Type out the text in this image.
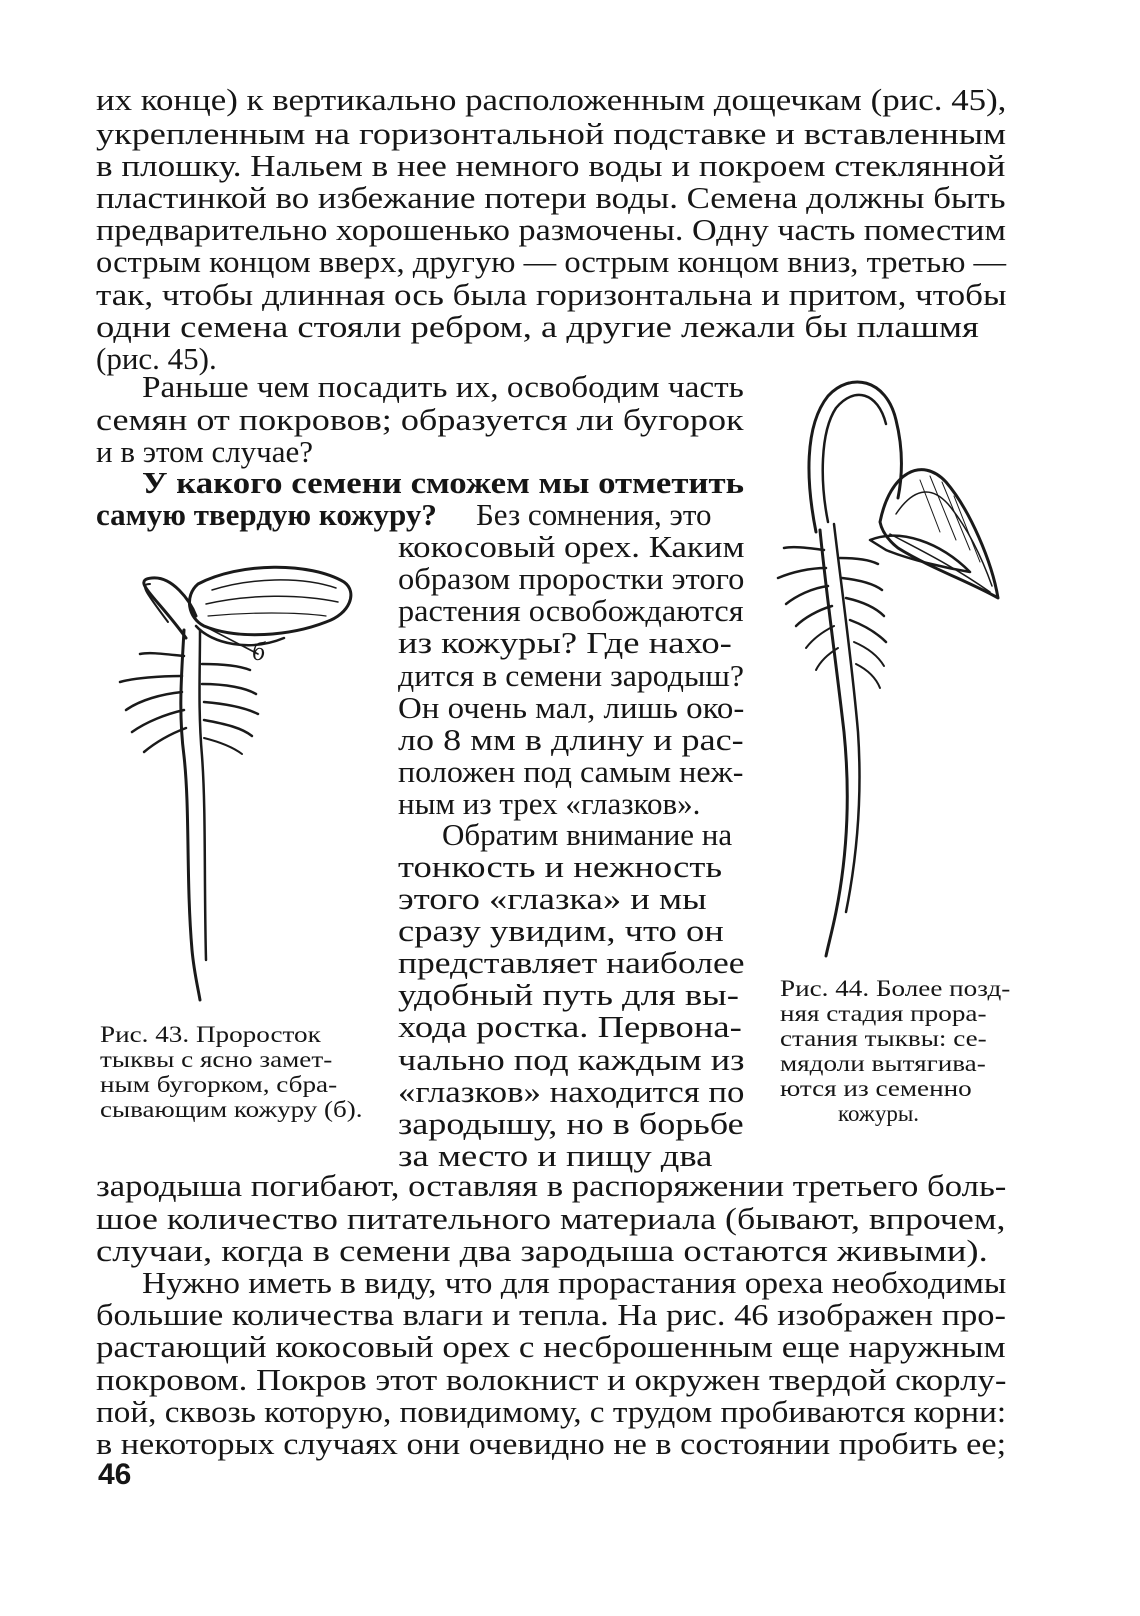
их конце) к вертикально расположенным дощечкам (рис. 45),
укрепленным на горизонтальной подставке и вставленным
в плошку. Нальем в нее немного воды и покроем стеклянной
пластинкой во избежание потери воды. Семена должны быть
предварительно хорошенько размочены. Одну часть поместим
острым концом вверх, другую — острым концом вниз, третью —
так, чтобы длинная ось была горизонтальна и притом, чтобы
одни семена стояли ребром, а другие лежали бы плашмя
(рис. 45).
Раньше чем посадить их, освободим часть
семян от покровов; образуется ли бугорок
и в этом случае?
У какого семени сможем мы отметить
самую твердую кожуру? Без сомнения, это
кокосовый орех. Каким
образом проростки этого
растения освобождаются
из кожуры? Где нахо-
дится в семени зародыш?
Он очень мал, лишь око-
ло 8 мм в длину и рас-
положен под самым неж-
ным из трех «глазков».
Обратим внимание на
тонкость и нежность
этого «глазка» и мы
сразу увидим, что он
представляет наиболее
удобный путь для вы-
хода ростка. Первона-
чально под каждым из
«глазков» находится по
зародышу, но в борьбе
за место и пищу два
зародыша погибают, оставляя в распоряжении третьего боль-
шое количество питательного материала (бывают, впрочем,
случаи, когда в семени два зародыша остаются живыми).
Нужно иметь в виду, что для прорастания ореха необходимы
большие количества влаги и тепла. На рис. 46 изображен про-
растающий кокосовый орех с несброшенным еще наружным
покровом. Покров этот волокнист и окружен твердой скорлу-
пой, сквозь которую, повидимому, с трудом пробиваются корни:
в некоторых случаях они очевидно не в состоянии пробить ее;
б
Рис. 43. Проросток
тыквы с ясно замет-
ным бугорком, сбра-
сывающим кожуру (б).
Рис. 44. Более позд-
няя стадия прора-
стания тыквы: се-
мядоли вытягива-
ются из семенно
кожуры.
46
